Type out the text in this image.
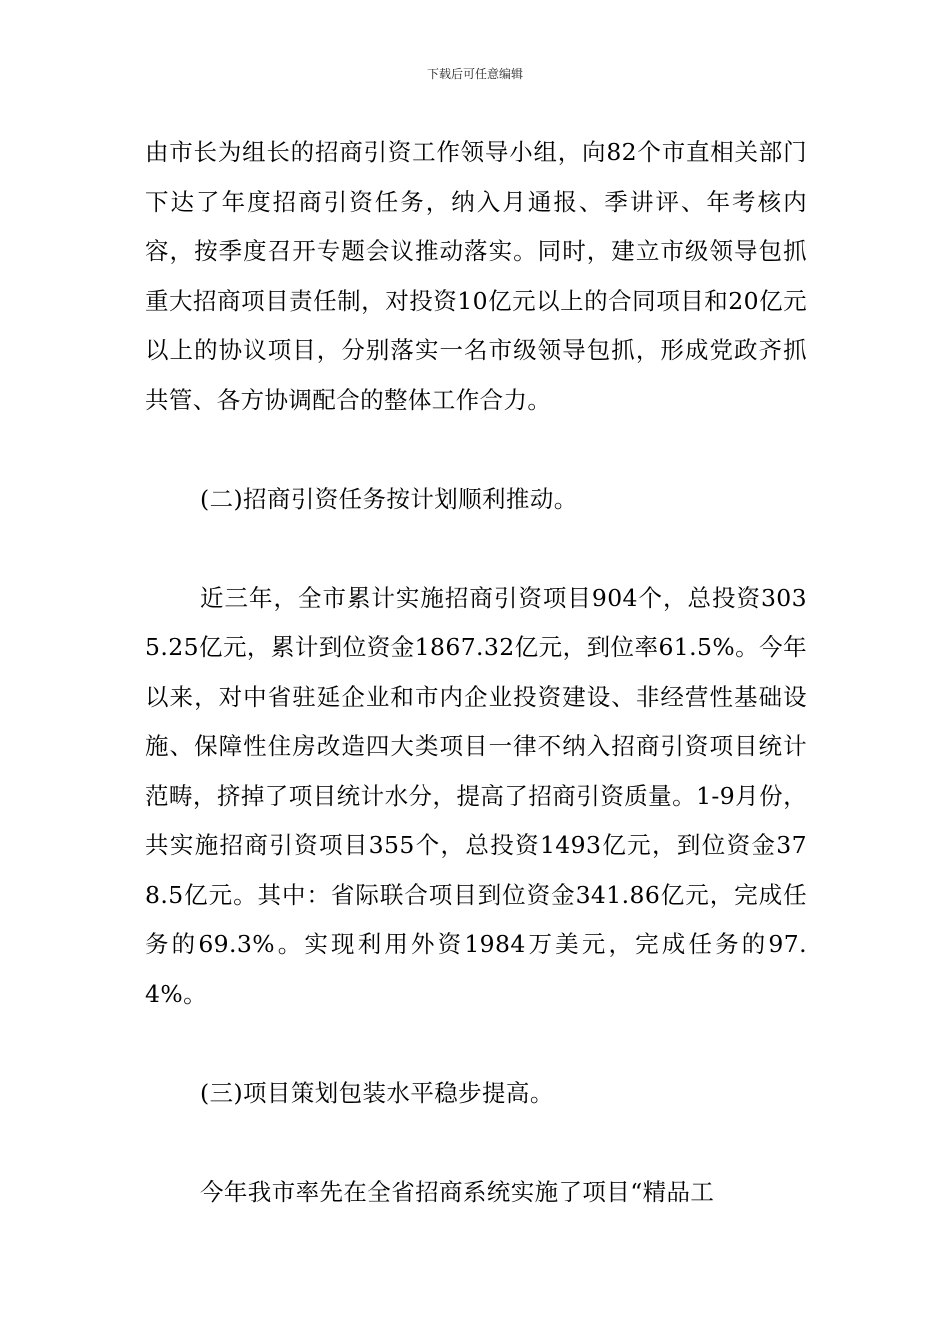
下载后可任意编辑

由市长为组长的招商引资工作领导小组，向82个市直相关部门下达了年度招商引资任务，纳入月通报、季讲评、年考核内容，按季度召开专题会议推动落实。同时，建立市级领导包抓重大招商项目责任制，对投资10亿元以上的合同项目和20亿元以上的协议项目，分别落实一名市级领导包抓，形成党政齐抓共管、各方协调配合的整体工作合力。

(二)招商引资任务按计划顺利推动。

近三年，全市累计实施招商引资项目904个，总投资3035.25亿元，累计到位资金1867.32亿元，到位率61.5%。今年以来，对中省驻延企业和市内企业投资建设、非经营性基础设施、保障性住房改造四大类项目一律不纳入招商引资项目统计范畴，挤掉了项目统计水分，提高了招商引资质量。1-9月份，共实施招商引资项目355个，总投资1493亿元，到位资金378.5亿元。其中：省际联合项目到位资金341.86亿元，完成任务的69.3%。实现利用外资1984万美元，完成任务的97.4%。

(三)项目策划包装水平稳步提高。

今年我市率先在全省招商系统实施了项目“精品工
